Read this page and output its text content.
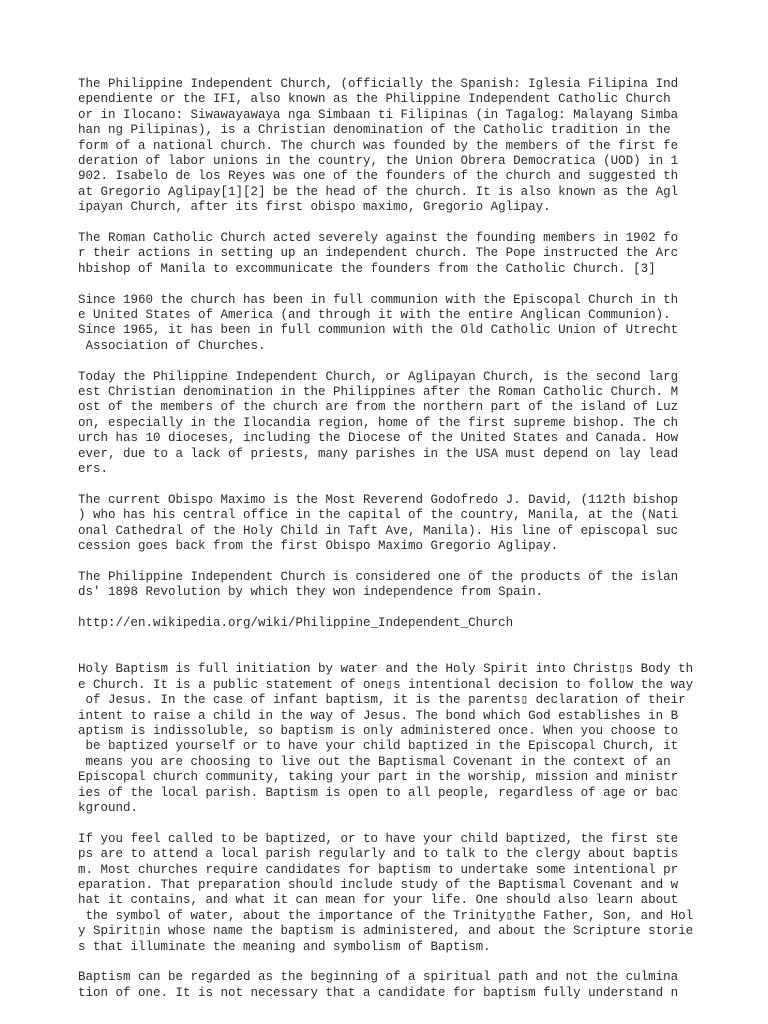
The Philippine Independent Church, (officially the Spanish: Iglesia Filipina Ind
ependiente or the IFI, also known as the Philippine Independent Catholic Church
or in Ilocano: Siwawayawaya nga Simbaan ti Filipinas (in Tagalog: Malayang Simba
han ng Pilipinas), is a Christian denomination of the Catholic tradition in the
form of a national church. The church was founded by the members of the first fe
deration of labor unions in the country, the Union Obrera Democratica (UOD) in 1
902. Isabelo de los Reyes was one of the founders of the church and suggested th
at Gregorio Aglipay[1][2] be the head of the church. It is also known as the Agl
ipayan Church, after its first obispo maximo, Gregorio Aglipay.

The Roman Catholic Church acted severely against the founding members in 1902 fo
r their actions in setting up an independent church. The Pope instructed the Arc
hbishop of Manila to excommunicate the founders from the Catholic Church. [3]

Since 1960 the church has been in full communion with the Episcopal Church in th
e United States of America (and through it with the entire Anglican Communion).
Since 1965, it has been in full communion with the Old Catholic Union of Utrecht
Association of Churches.

Today the Philippine Independent Church, or Aglipayan Church, is the second larg
est Christian denomination in the Philippines after the Roman Catholic Church. M
ost of the members of the church are from the northern part of the island of Luz
on, especially in the Ilocandia region, home of the first supreme bishop. The ch
urch has 10 dioceses, including the Diocese of the United States and Canada. How
ever, due to a lack of priests, many parishes in the USA must depend on lay lead
ers.

The current Obispo Maximo is the Most Reverend Godofredo J. David, (112th bishop
) who has his central office in the capital of the country, Manila, at the (Nati
onal Cathedral of the Holy Child in Taft Ave, Manila). His line of episcopal suc
cession goes back from the first Obispo Maximo Gregorio Aglipay.

The Philippine Independent Church is considered one of the products of the islan
ds' 1898 Revolution by which they won independence from Spain.

http://en.wikipedia.org/wiki/Philippine_Independent_Church

Holy Baptism is full initiation by water and the Holy Spirit into Christ▯s Body th
e Church. It is a public statement of one▯s intentional decision to follow the way
of Jesus. In the case of infant baptism, it is the parents▯ declaration of their
intent to raise a child in the way of Jesus. The bond which God establishes in B
aptism is indissoluble, so baptism is only administered once. When you choose to
be baptized yourself or to have your child baptized in the Episcopal Church, it
means you are choosing to live out the Baptismal Covenant in the context of an
Episcopal church community, taking your part in the worship, mission and ministr
ies of the local parish. Baptism is open to all people, regardless of age or bac
kground.

If you feel called to be baptized, or to have your child baptized, the first ste
ps are to attend a local parish regularly and to talk to the clergy about baptis
m. Most churches require candidates for baptism to undertake some intentional pr
eparation. That preparation should include study of the Baptismal Covenant and w
hat it contains, and what it can mean for your life. One should also learn about
the symbol of water, about the importance of the Trinity▯the Father, Son, and Hol
y Spirit▯in whose name the baptism is administered, and about the Scripture storie
s that illuminate the meaning and symbolism of Baptism.

Baptism can be regarded as the beginning of a spiritual path and not the culmina
tion of one. It is not necessary that a candidate for baptism fully understand n
